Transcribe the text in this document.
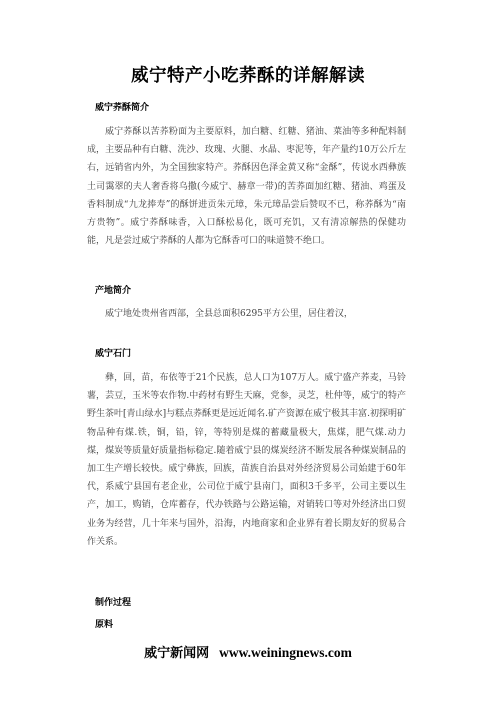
威宁特产小吃荞酥的详解解读
威宁荞酥简介

威宁荞酥以苦荞粉面为主要原料，加白糖、红糖、猪油、菜油等多种配料制成，主要品种有白糖、洗沙、玫瑰、火腿、水晶、枣泥等，年产量约10万公斤左右，远销省内外，为全国独家特产。荞酥因色泽金黄又称“金酥”，传说水西彝族土司霭翠的夫人奢香将乌撒(今威宁、赫章一带)的苦荞面加红糖、猪油、鸡蛋及香料制成“九龙捧寿”的酥饼进贡朱元璋，朱元璋品尝后赞叹不已，称荞酥为“南方贵物”。威宁荞酥味香，入口酥松易化，既可充饥，又有清凉解热的保健功能，凡是尝过威宁荞酥的人都为它酥香可口的味道赞不绝口。

产地简介

威宁地处贵州省西部，全县总面积6295平方公里，居住着汉，

威宁石门

彝，回，苗，布依等于21个民族，总人口为107万人。威宁盛产荞麦，马铃薯，芸豆，玉米等农作物.中药材有野生天麻，党参，灵芝，杜仲等，威宁的特产野生茶叶[青山绿水]与糕点荞酥更是远近闻名.矿产资源在威宁极其丰富.初探明矿物品种有煤.铁，铜，铅，锌，等特别是煤的蓄藏量极大，焦煤，肥气煤.动力煤，煤炭等质量好质量指标稳定.随着威宁县的煤炭经济不断发展各种煤炭制品的加工生产增长较快。威宁彝族，回族，苗族自治县对外经济贸易公司始建于60年代，系威宁县国有老企业，公司位于威宁县南门，面积3千多平，公司主要以生产，加工，购销，仓库蓄存，代办铁路与公路运输，对销转口等对外经济出口贸业务为经营，几十年来与国外，沿海，内地商家和企业界有着长期友好的贸易合作关系。

制作过程
原料
威宁新闻网 www.weiningnews.com
